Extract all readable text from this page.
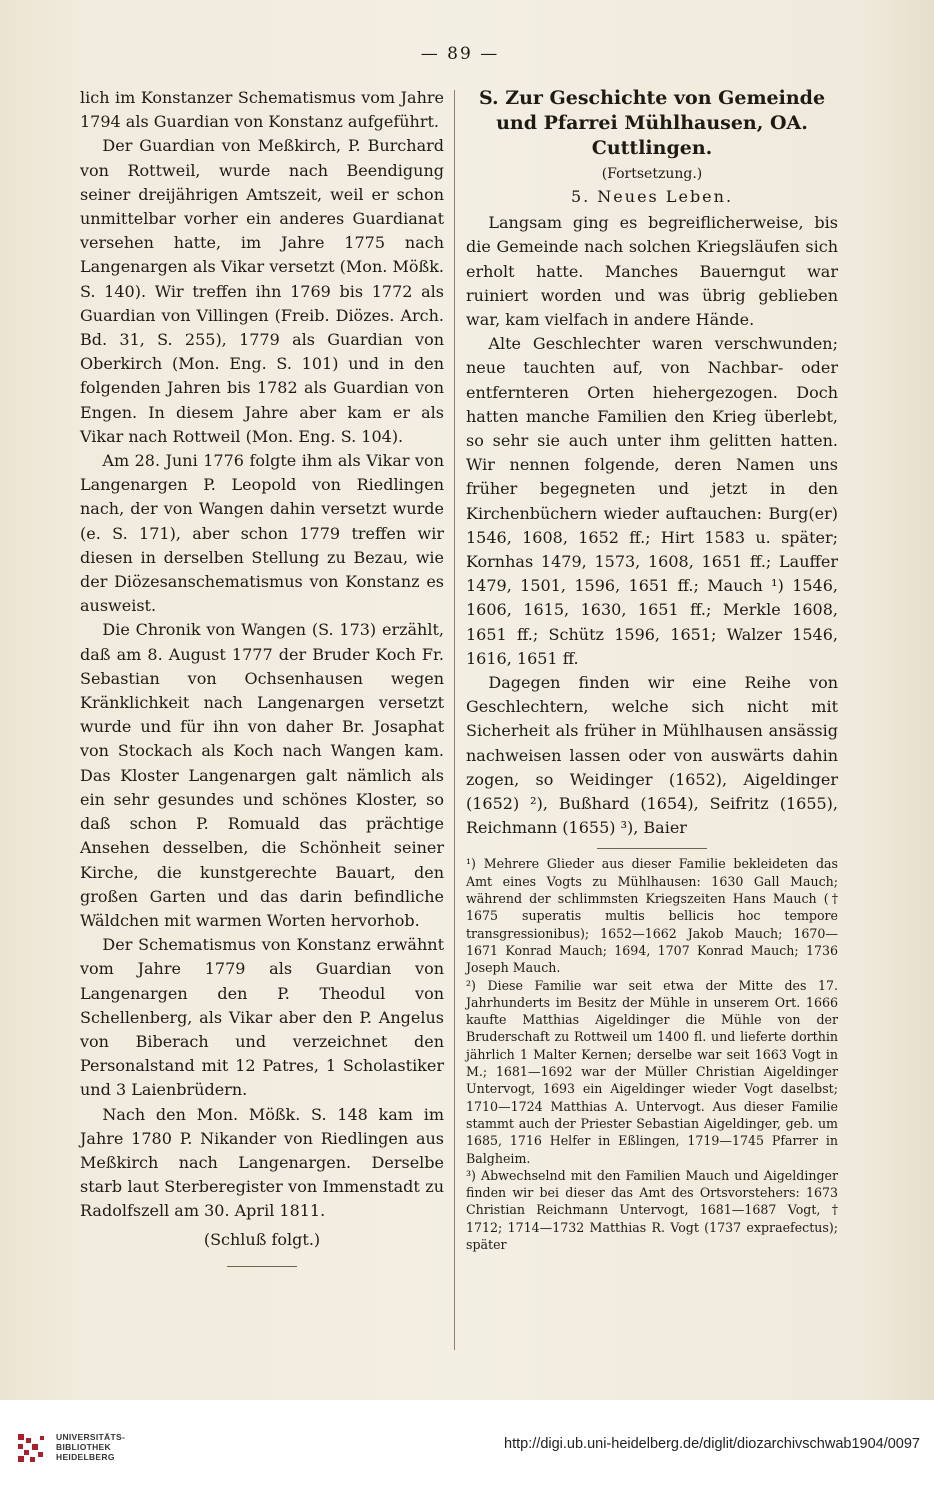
— 89 —

lich im Konstanzer Schematismus vom Jahre 1794 als Guardian von Konstanz aufgeführt.

Der Guardian von Meßkirch, P. Burchard von Rottweil, wurde nach Beendigung seiner dreijährigen Amtszeit, weil er schon unmittelbar vorher ein anderes Guardianat versehen hatte, im Jahre 1775 nach Langenargen als Vikar versetzt (Mon. Mößk. S. 140). Wir treffen ihn 1769 bis 1772 als Guardian von Villingen (Freib. Diözes. Arch. Bd. 31, S. 255), 1779 als Guardian von Oberkirch (Mon. Eng. S. 101) und in den folgenden Jahren bis 1782 als Guardian von Engen. In diesem Jahre aber kam er als Vikar nach Rottweil (Mon. Eng. S. 104).

Am 28. Juni 1776 folgte ihm als Vikar von Langenargen P. Leopold von Riedlingen nach, der von Wangen dahin versetzt wurde (e. S. 171), aber schon 1779 treffen wir diesen in derselben Stellung zu Bezau, wie der Diözesanschematismus von Konstanz es ausweist.

Die Chronik von Wangen (S. 173) erzählt, daß am 8. August 1777 der Bruder Koch Fr. Sebastian von Ochsenhausen wegen Kränklichkeit nach Langenargen versetzt wurde und für ihn von daher Br. Josaphat von Stockach als Koch nach Wangen kam. Das Kloster Langenargen galt nämlich als ein sehr gesundes und schönes Kloster, so daß schon P. Romuald das prächtige Ansehen desselben, die Schönheit seiner Kirche, die kunstgerechte Bauart, den großen Garten und das darin befindliche Wäldchen mit warmen Worten hervorhob.

Der Schematismus von Konstanz erwähnt vom Jahre 1779 als Guardian von Langenargen den P. Theodul von Schellenberg, als Vikar aber den P. Angelus von Biberach und verzeichnet den Personalstand mit 12 Patres, 1 Scholastiker und 3 Laienbrüdern.

Nach den Mon. Mößk. S. 148 kam im Jahre 1780 P. Nikander von Riedlingen aus Meßkirch nach Langenargen. Derselbe starb laut Sterberegister von Immenstadt zu Radolfszell am 30. April 1811.

(Schluß folgt.)

S. Zur Geschichte von Gemeinde und Pfarrei Mühlhausen, OA. Cuttlingen.

(Fortsetzung.)

5. Neues Leben.

Langsam ging es begreiflicherweise, bis die Gemeinde nach solchen Kriegsläufen sich erholt hatte. Manches Bauerngut war ruiniert worden und was übrig geblieben war, kam vielfach in andere Hände.

Alte Geschlechter waren verschwunden; neue tauchten auf, von Nachbar- oder entfernteren Orten hiehergezogen. Doch hatten manche Familien den Krieg überlebt, so sehr sie auch unter ihm gelitten hatten. Wir nennen folgende, deren Namen uns früher begegneten und jetzt in den Kirchenbüchern wieder auftauchen: Burg(er) 1546, 1608, 1652 ff.; Hirt 1583 u. später; Kornhas 1479, 1573, 1608, 1651 ff.; Lauffer 1479, 1501, 1596, 1651 ff.; Mauch ¹) 1546, 1606, 1615, 1630, 1651 ff.; Merkle 1608, 1651 ff.; Schütz 1596, 1651; Walzer 1546, 1616, 1651 ff.

Dagegen finden wir eine Reihe von Geschlechtern, welche sich nicht mit Sicherheit als früher in Mühlhausen ansässig nachweisen lassen oder von auswärts dahin zogen, so Weidinger (1652), Aigeldinger (1652) ²), Bußhard (1654), Seifritz (1655), Reichmann (1655) ³), Baier

¹) Mehrere Glieder aus dieser Familie bekleideten das Amt eines Vogts zu Mühlhausen: 1630 Gall Mauch; während der schlimmsten Kriegszeiten Hans Mauch († 1675 superatis multis bellicis hoc tempore transgressionibus); 1652—1662 Jakob Mauch; 1670—1671 Konrad Mauch; 1694, 1707 Konrad Mauch; 1736 Joseph Mauch.

²) Diese Familie war seit etwa der Mitte des 17. Jahrhunderts im Besitz der Mühle in unserem Ort. 1666 kaufte Matthias Aigeldinger die Mühle von der Bruderschaft zu Rottweil um 1400 fl. und lieferte dorthin jährlich 1 Malter Kernen; derselbe war seit 1663 Vogt in M.; 1681—1692 war der Müller Christian Aigeldinger Untervogt, 1693 ein Aigeldinger wieder Vogt daselbst; 1710—1724 Matthias A. Untervogt. Aus dieser Familie stammt auch der Priester Sebastian Aigeldinger, geb. um 1685, 1716 Helfer in Eßlingen, 1719—1745 Pfarrer in Balgheim.

³) Abwechselnd mit den Familien Mauch und Aigeldinger finden wir bei dieser das Amt des Ortsvorstehers: 1673 Christian Reichmann Untervogt, 1681—1687 Vogt, † 1712; 1714—1732 Matthias R. Vogt (1737 expraefectus); später

UNIVERSITÄTS-
BIBLIOTHEK
HEIDELBERG
http://digi.ub.uni-heidelberg.de/diglit/diozarchivschwab1904/0097
